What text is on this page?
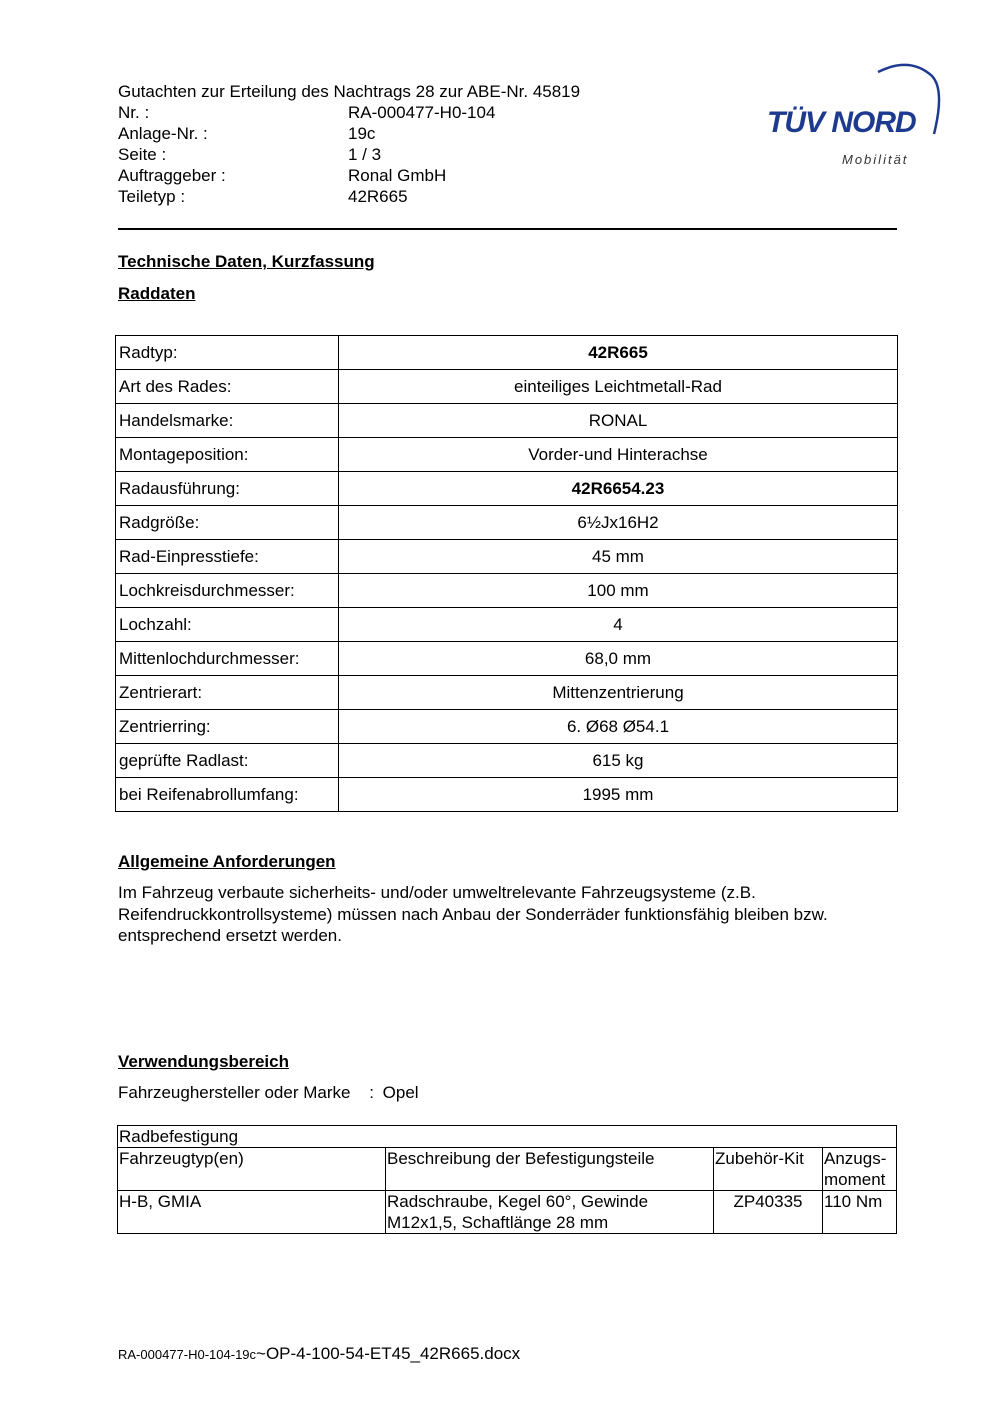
Gutachten zur Erteilung des Nachtrags 28 zur ABE-Nr. 45819
Nr. :	RA-000477-H0-104
Anlage-Nr. :	19c
Seite :	1 / 3
Auftraggeber :	Ronal GmbH
Teiletyp :	42R665
TÜV NORD
Mobilität
Technische Daten, Kurzfassung
Raddaten
Radtyp:	42R665
Art des Rades:	einteiliges Leichtmetall-Rad
Handelsmarke:	RONAL
Montageposition:	Vorder-und Hinterachse
Radausführung:	42R6654.23
Radgröße:	6½Jx16H2
Rad-Einpresstiefe:	45 mm
Lochkreisdurchmesser:	100 mm
Lochzahl:	4
Mittenlochdurchmesser:	68,0 mm
Zentrierart:	Mittenzentrierung
Zentrierring:	6. Ø68 Ø54.1
geprüfte Radlast:	615 kg
bei Reifenabrollumfang:	1995 mm
Allgemeine Anforderungen
Im Fahrzeug verbaute sicherheits- und/oder umweltrelevante Fahrzeugsysteme (z.B. Reifendruckkontrollsysteme) müssen nach Anbau der Sonderräder funktionsfähig bleiben bzw. entsprechend ersetzt werden.
Verwendungsbereich
Fahrzeughersteller oder Marke : Opel
Radbefestigung			
Fahrzeugtyp(en)	Beschreibung der Befestigungsteile	Zubehör-Kit	Anzugs-moment
H-B, GMIA	Radschraube, Kegel 60°, Gewinde M12x1,5, Schaftlänge 28 mm	ZP40335	110 Nm
RA-000477-H0-104-19c~OP-4-100-54-ET45_42R665.docx
